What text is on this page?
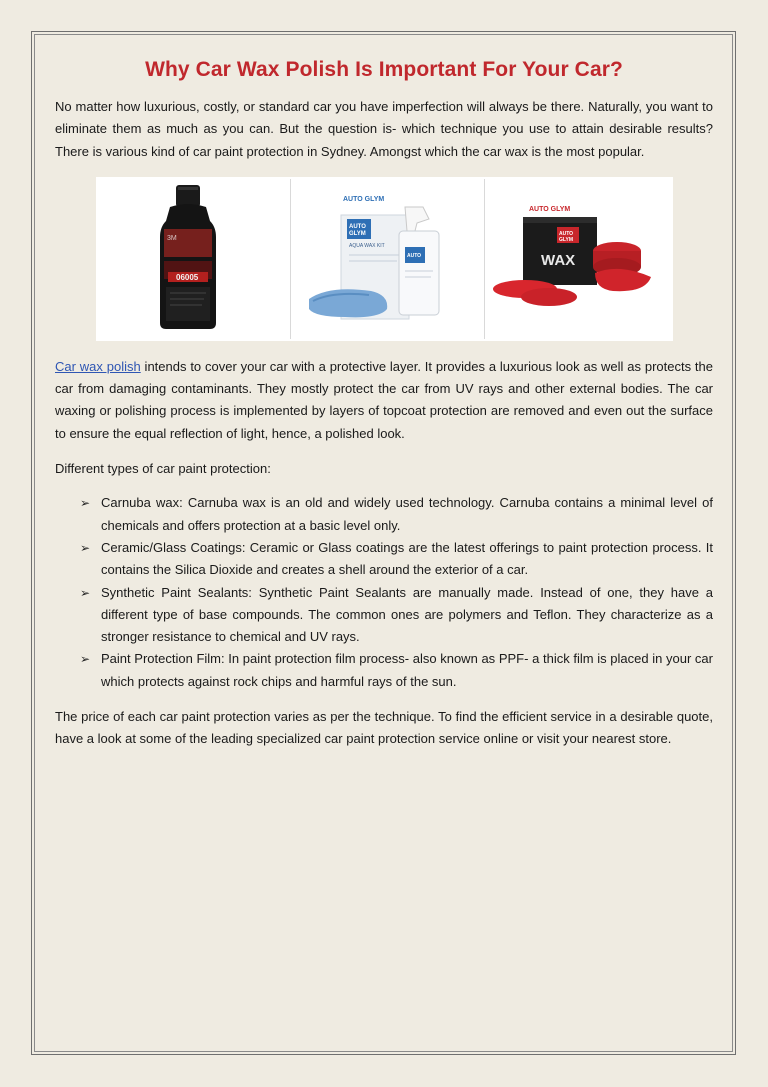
Why Car Wax Polish Is Important For Your Car?

No matter how luxurious, costly, or standard car you have imperfection will always be there. Naturally, you want to eliminate them as much as you can. But the question is- which technique you use to attain desirable results? There is various kind of car paint protection in Sydney. Amongst which the car wax is the most popular.

3M
06005
AUTO
GLYM
AQUA WAX KIT
AUTO
AUTO GLYM
AUTO
GLYM
WAX
AUTO GLYM

Car wax polish intends to cover your car with a protective layer. It provides a luxurious look as well as protects the car from damaging contaminants. They mostly protect the car from UV rays and other external bodies. The car waxing or polishing process is implemented by layers of topcoat protection are removed and even out the surface to ensure the equal reflection of light, hence, a polished look.

Different types of car paint protection:

➢ Carnuba wax: Carnuba wax is an old and widely used technology. Carnuba contains a minimal level of chemicals and offers protection at a basic level only.
➢ Ceramic/Glass Coatings: Ceramic or Glass coatings are the latest offerings to paint protection process. It contains the Silica Dioxide and creates a shell around the exterior of a car.
➢ Synthetic Paint Sealants: Synthetic Paint Sealants are manually made. Instead of one, they have a different type of base compounds. The common ones are polymers and Teflon. They characterize as a stronger resistance to chemical and UV rays.
➢ Paint Protection Film: In paint protection film process- also known as PPF- a thick film is placed in your car which protects against rock chips and harmful rays of the sun.

The price of each car paint protection varies as per the technique. To find the efficient service in a desirable quote, have a look at some of the leading specialized car paint protection service online or visit your nearest store.
